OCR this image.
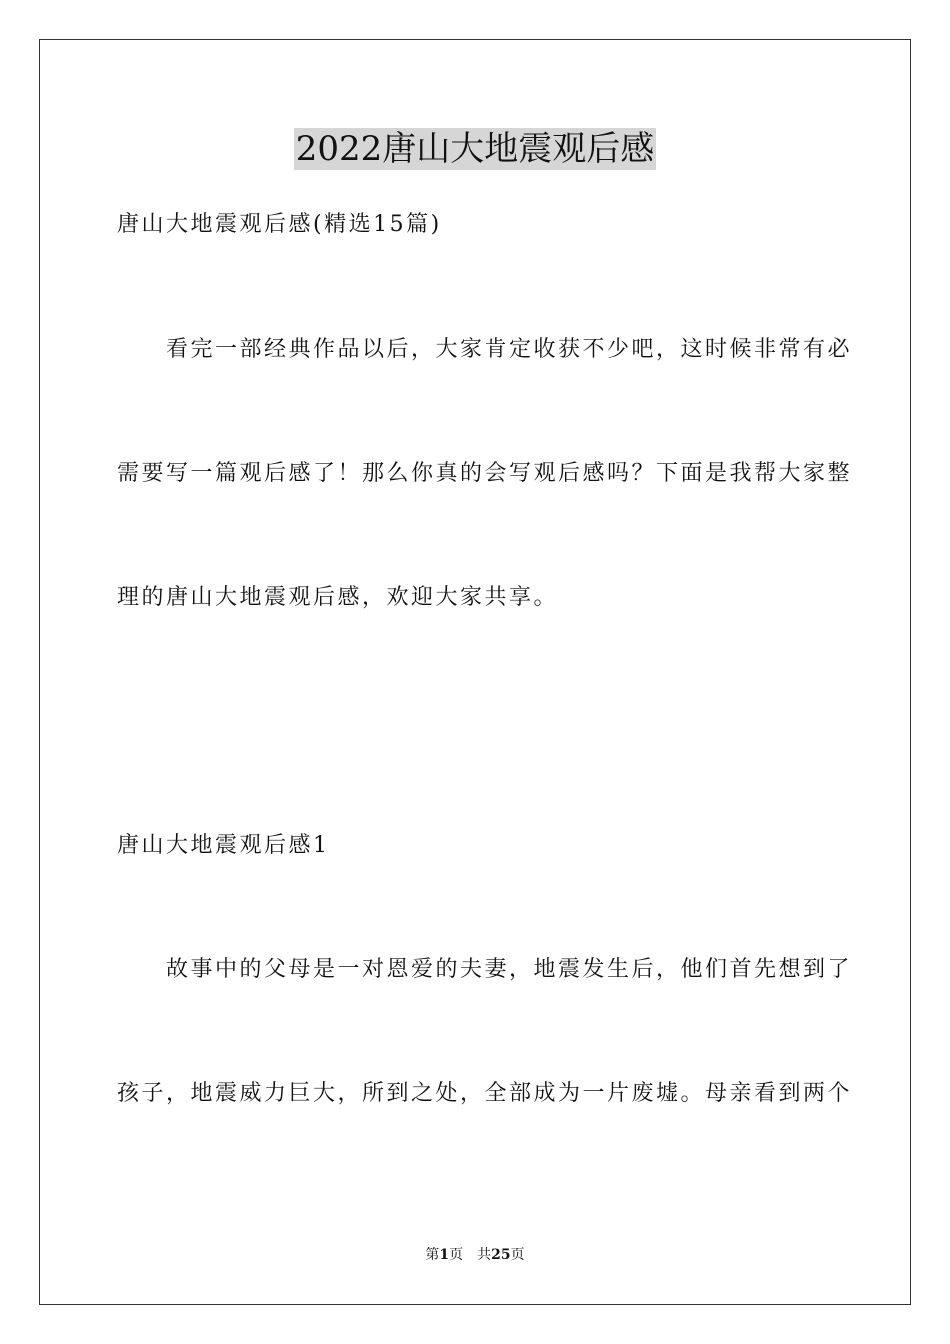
2022唐山大地震观后感
唐山大地震观后感(精选15篇)
　　看完一部经典作品以后，大家肯定收获不少吧，这时候非常有必
需要写一篇观后感了！那么你真的会写观后感吗？下面是我帮大家整
理的唐山大地震观后感，欢迎大家共享。
唐山大地震观后感1
　　故事中的父母是一对恩爱的夫妻，地震发生后，他们首先想到了
孩子，地震威力巨大，所到之处，全部成为一片废墟。母亲看到两个
第1页　共25页
